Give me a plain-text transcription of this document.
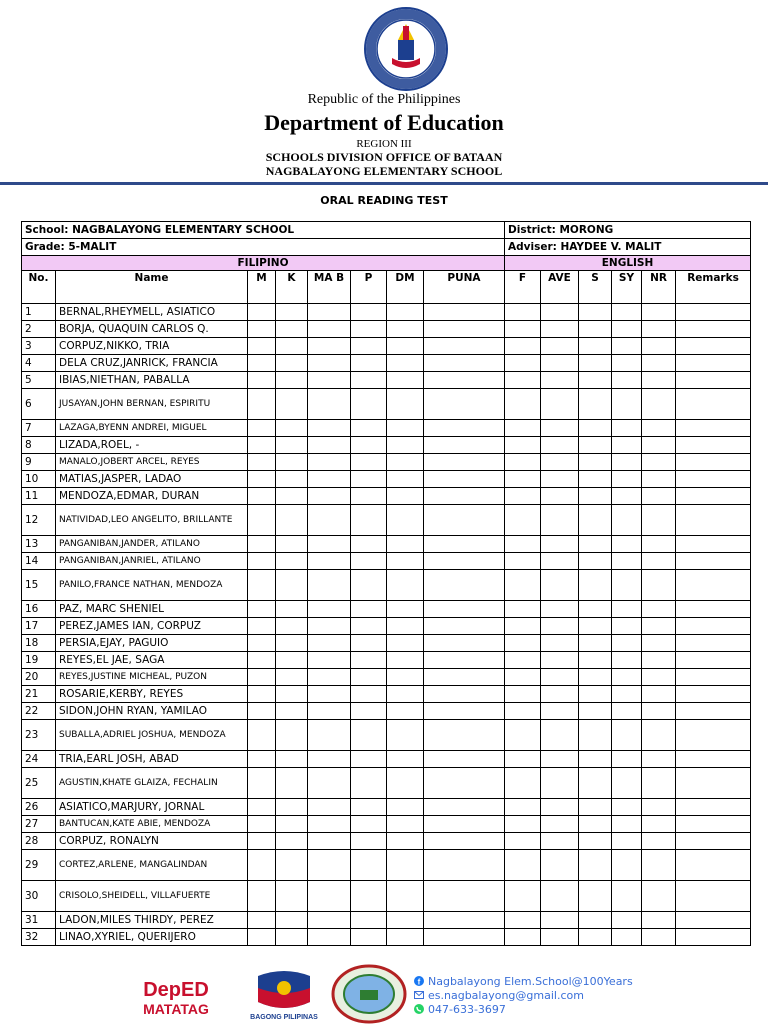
Republic of the Philippines
Department of Education
REGION III
SCHOOLS DIVISION OFFICE OF BATAAN
NAGBALAYONG ELEMENTARY SCHOOL
ORAL READING TEST
School: NAGBALAYONG ELEMENTARY SCHOOL								District: MORONG					
Grade: 5-MALIT								Adviser: HAYDEE V. MALIT					
FILIPINO								ENGLISH					
No.	Name	M	K	MA B	P	DM	PUNA	F	AVE	S	SY	NR	Remarks
1	BERNAL,RHEYMELL, ASIATICO												
2	BORJA, QUAQUIN CARLOS Q.												
3	CORPUZ,NIKKO, TRIA												
4	DELA CRUZ,JANRICK, FRANCIA												
5	IBIAS,NIETHAN, PABALLA												
6	JUSAYAN,JOHN BERNAN, ESPIRITU												
7	LAZAGA,BYENN ANDREI, MIGUEL												
8	LIZADA,ROEL, -												
9	MANALO,JOBERT ARCEL, REYES												
10	MATIAS,JASPER, LADAO												
11	MENDOZA,EDMAR, DURAN												
12	NATIVIDAD,LEO ANGELITO, BRILLANTE												
13	PANGANIBAN,JANDER, ATILANO												
14	PANGANIBAN,JANRIEL, ATILANO												
15	PANILO,FRANCE NATHAN, MENDOZA												
16	PAZ, MARC SHENIEL												
17	PEREZ,JAMES IAN, CORPUZ												
18	PERSIA,EJAY, PAGUIO												
19	REYES,EL JAE, SAGA												
20	REYES,JUSTINE MICHEAL, PUZON												
21	ROSARIE,KERBY, REYES												
22	SIDON,JOHN RYAN, YAMILAO												
23	SUBALLA,ADRIEL JOSHUA, MENDOZA												
24	TRIA,EARL JOSH, ABAD												
25	AGUSTIN,KHATE GLAIZA, FECHALIN												
26	ASIATICO,MARJURY, JORNAL												
27	BANTUCAN,KATE ABIE, MENDOZA												
28	CORPUZ, RONALYN												
29	CORTEZ,ARLENE, MANGALINDAN												
30	CRISOLO,SHEIDELL, VILLAFUERTE												
31	LADON,MILES THIRDY, PEREZ												
32	LINAO,XYRIEL, QUERIJERO												
DepED
MATATAG
BAGONG PILIPINAS
f Nagbalayong Elem.School@100Years
es.nagbalayong@gmail.com
047-633-3697
